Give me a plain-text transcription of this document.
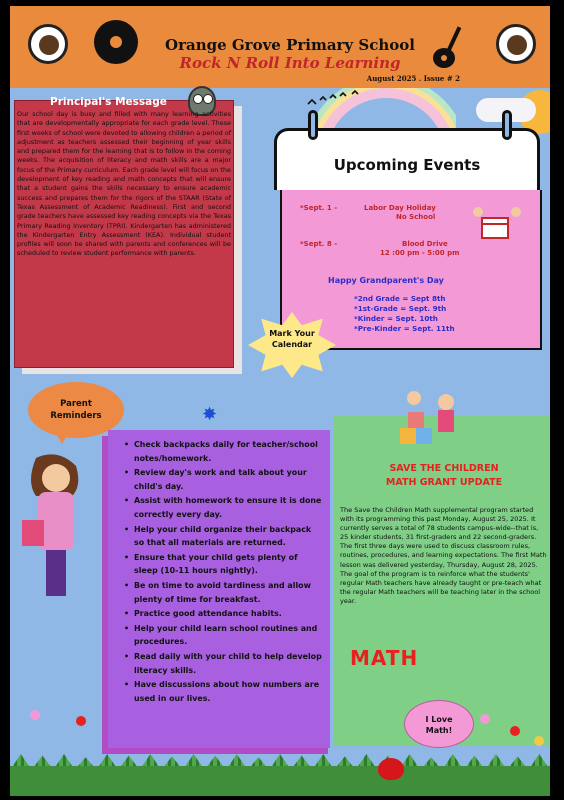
Orange Grove Primary School
Rock N Roll Into Learning
August 2025 . Issue # 2
Principal's Message
Our school day is busy and filled with many learning activities that are developmentally appropriate for each grade level. These first weeks of school were devoted to allowing children a period of adjustment as teachers assessed their beginning of year skills and prepared them for the learning that is to follow in the coming weeks. The acquisition of literacy and math skills are a major focus of the Primary curriculum. Each grade level will focus on the development of key reading and math concepts that will ensure that a student gains the skills necessary to ensure academic success and prepares them for the rigors of the STAAR (State of Texas Assessment of Academic Readiness). First and second grade teachers have assessed key reading concepts via the Texas Primary Reading Inventory (TPRI). Kindergarten has administered the Kindergarten Entry Assessment (KEA). Individual student profiles will soon be shared with parents and conferences will be scheduled to review student performance with parents.
Upcoming Events
*Sept. 1 -	Labor Day Holiday
No School
*Sept. 8 -	Blood Drive
12 :00 pm - 5:00 pm
Happy Grandparent's Day
*2nd Grade = Sept 8th
*1st-Grade = Sept. 9th
*Kinder = Sept. 10th
*Pre-Kinder = Sept. 11th
Mark Your Calendar
Parent Reminders	✸
• Check backpacks daily for teacher/school notes/homework.
• Review day's work and talk about your child's day.
• Assist with homework to ensure it is done correctly every day.
• Help your child organize their backpack so that all materials are returned.
• Ensure that your child gets plenty of sleep (10-11 hours nightly).
• Be on time to avoid tardiness and allow plenty of time for breakfast.
• Practice good attendance habits.
• Help your child learn school routines and procedures.
• Read daily with your child to help develop literacy skills.
• Have discussions about how numbers are used in our lives.
SAVE THE CHILDREN MATH GRANT UPDATE
The Save the Children Math supplemental program started with its programming this past Monday, August 25, 2025. It currently serves a total of 78 students campus-wide--that is, 25 kinder students, 31 first-graders and 22 second-graders. The first three days were used to discuss classroom rules, routines, procedures, and learning expectations. The first Math lesson was delivered yesterday, Thursday, August 28, 2025. The goal of the program is to reinforce what the students' regular Math teachers have already taught or pre-teach what the regular Math teachers will be teaching later in the school year.
MATH
I Love Math!
